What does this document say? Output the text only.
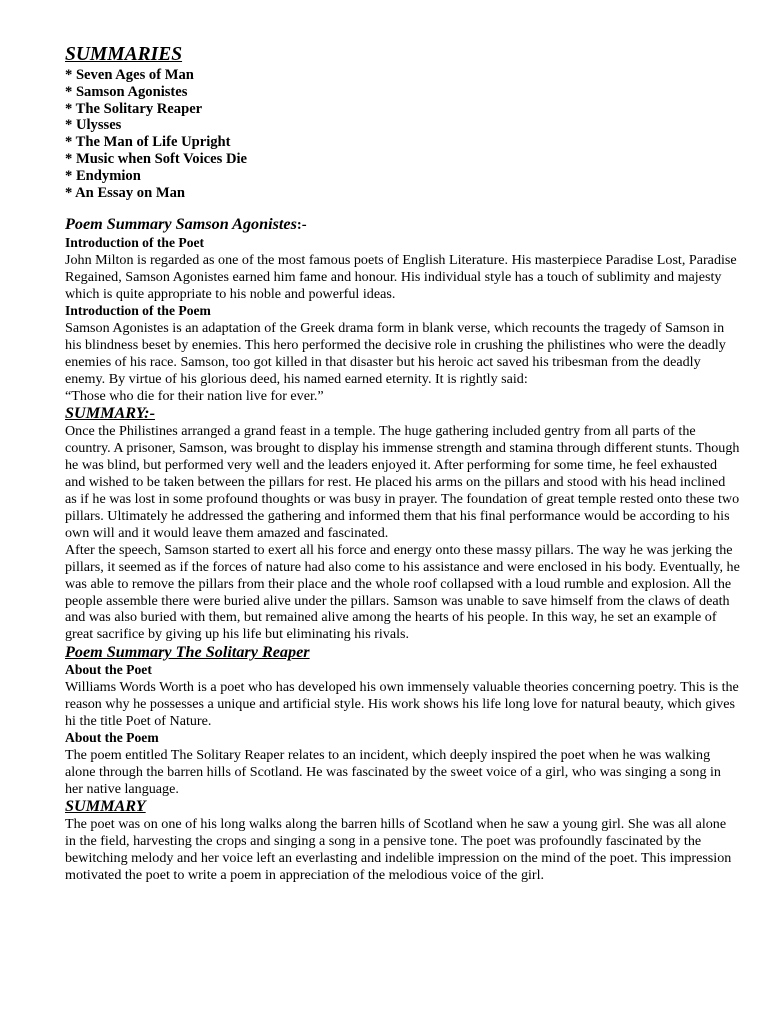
SUMMARIES
* Seven Ages of Man
* Samson Agonistes
* The Solitary Reaper
* Ulysses
* The Man of Life Upright
* Music when Soft Voices Die
* Endymion
* An Essay on Man
Poem Summary Samson Agonistes:-
Introduction of the Poet

John Milton is regarded as one of the most famous poets of English Literature. His masterpiece Paradise Lost, Paradise Regained, Samson Agonistes earned him fame and honour. His individual style has a touch of sublimity and majesty which is quite appropriate to his noble and powerful ideas.

Introduction of the Poem

Samson Agonistes is an adaptation of the Greek drama form in blank verse, which recounts the tragedy of Samson in his blindness beset by enemies. This hero performed the decisive role in crushing the philistines who were the deadly enemies of his race. Samson, too got killed in that disaster but his heroic act saved his tribesman from the deadly enemy. By virtue of his glorious deed, his named earned eternity. It is rightly said:

“Those who die for their nation live for ever.”

SUMMARY:-

Once the Philistines arranged a grand feast in a temple. The huge gathering included gentry from all parts of the country. A prisoner, Samson, was brought to display his immense strength and stamina through different stunts. Though he was blind, but performed very well and the leaders enjoyed it. After performing for some time, he feel exhausted and wished to be taken between the pillars for rest. He placed his arms on the pillars and stood with his head inclined as if he was lost in some profound thoughts or was busy in prayer. The foundation of great temple rested onto these two pillars. Ultimately he addressed the gathering and informed them that his final performance would be according to his own will and it would leave them amazed and fascinated.

After the speech, Samson started to exert all his force and energy onto these massy pillars. The way he was jerking the pillars, it seemed as if the forces of nature had also come to his assistance and were enclosed in his body. Eventually, he was able to remove the pillars from their place and the whole roof collapsed with a loud rumble and explosion. All the people assemble there were buried alive under the pillars. Samson was unable to save himself from the claws of death and was also buried with them, but remained alive among the hearts of his people. In this way, he set an example of great sacrifice by giving up his life but eliminating his rivals.

Poem Summary The Solitary Reaper
About the Poet

Williams Words Worth is a poet who has developed his own immensely valuable theories concerning poetry. This is the reason why he possesses a unique and artificial style. His work shows his life long love for natural beauty, which gives hi the title Poet of Nature.

About the Poem

The poem entitled The Solitary Reaper relates to an incident, which deeply inspired the poet when he was walking alone through the barren hills of Scotland. He was fascinated by the sweet voice of a girl, who was singing a song in her native language.

SUMMARY

The poet was on one of his long walks along the barren hills of Scotland when he saw a young girl. She was all alone in the field, harvesting the crops and singing a song in a pensive tone. The poet was profoundly fascinated by the bewitching melody and her voice left an everlasting and indelible impression on the mind of the poet. This impression motivated the poet to write a poem in appreciation of the melodious voice of the girl.
